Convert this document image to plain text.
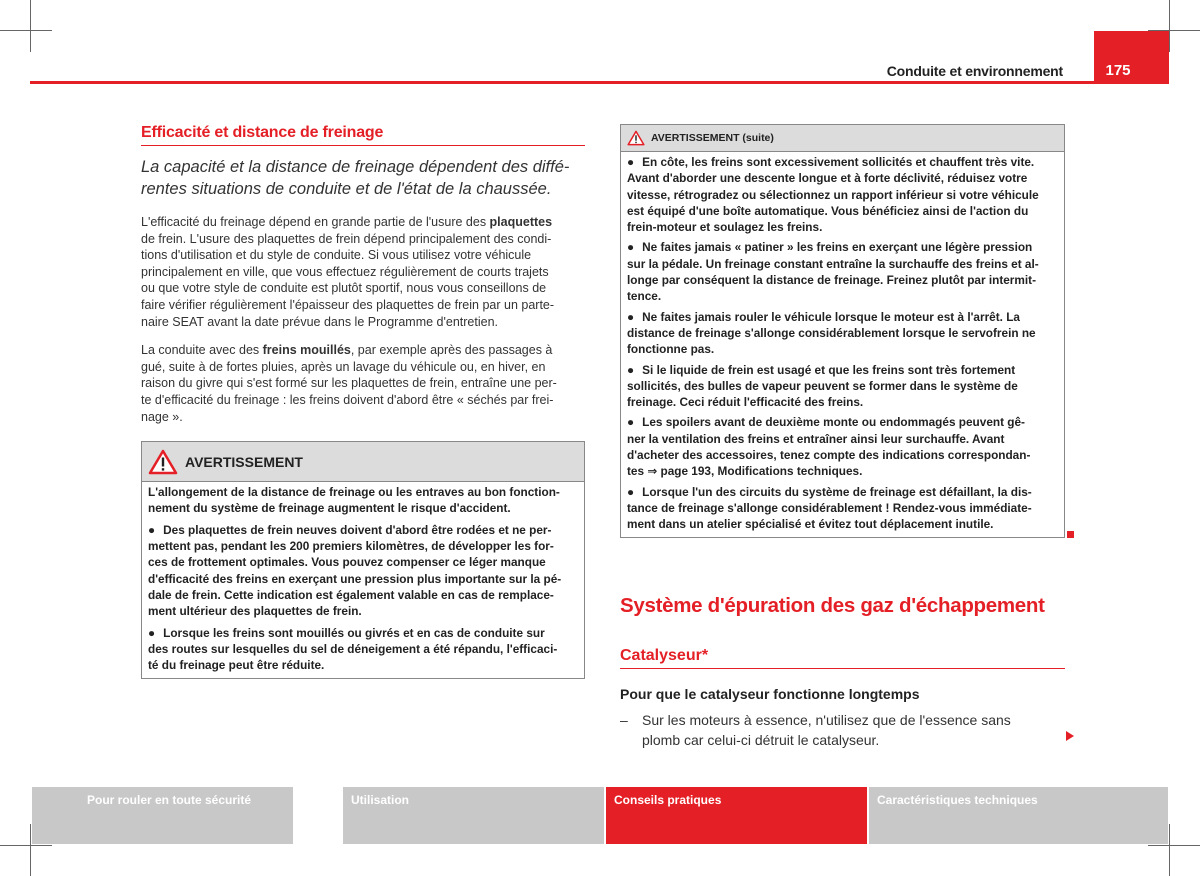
175
Conduite et environnement
Efficacité et distance de freinage
La capacité et la distance de freinage dépendent des diffé-
rentes situations de conduite et de l'état de la chaussée.
L'efficacité du freinage dépend en grande partie de l'usure des plaquettes
de frein. L'usure des plaquettes de frein dépend principalement des condi-
tions d'utilisation et du style de conduite. Si vous utilisez votre véhicule
principalement en ville, que vous effectuez régulièrement de courts trajets
ou que votre style de conduite est plutôt sportif, nous vous conseillons de
faire vérifier régulièrement l'épaisseur des plaquettes de frein par un parte-
naire SEAT avant la date prévue dans le Programme d'entretien.
La conduite avec des freins mouillés, par exemple après des passages à
gué, suite à de fortes pluies, après un lavage du véhicule ou, en hiver, en
raison du givre qui s'est formé sur les plaquettes de frein, entraîne une per-
te d'efficacité du freinage : les freins doivent d'abord être « séchés par frei-
nage ».
AVERTISSEMENT

L'allongement de la distance de freinage ou les entraves au bon fonction-
nement du système de freinage augmentent le risque d'accident.

● Des plaquettes de frein neuves doivent d'abord être rodées et ne per-
mettent pas, pendant les 200 premiers kilomètres, de développer les for-
ces de frottement optimales. Vous pouvez compenser ce léger manque
d'efficacité des freins en exerçant une pression plus importante sur la pé-
dale de frein. Cette indication est également valable en cas de remplace-
ment ultérieur des plaquettes de frein.

● Lorsque les freins sont mouillés ou givrés et en cas de conduite sur
des routes sur lesquelles du sel de déneigement a été répandu, l'efficaci-
té du freinage peut être réduite.

AVERTISSEMENT (suite)

● En côte, les freins sont excessivement sollicités et chauffent très vite.
Avant d'aborder une descente longue et à forte déclivité, réduisez votre
vitesse, rétrogradez ou sélectionnez un rapport inférieur si votre véhicule
est équipé d'une boîte automatique. Vous bénéficiez ainsi de l'action du
frein-moteur et soulagez les freins.

● Ne faites jamais « patiner » les freins en exerçant une légère pression
sur la pédale. Un freinage constant entraîne la surchauffe des freins et al-
longe par conséquent la distance de freinage. Freinez plutôt par intermit-
tence.

● Ne faites jamais rouler le véhicule lorsque le moteur est à l'arrêt. La
distance de freinage s'allonge considérablement lorsque le servofrein ne
fonctionne pas.

● Si le liquide de frein est usagé et que les freins sont très fortement
sollicités, des bulles de vapeur peuvent se former dans le système de
freinage. Ceci réduit l'efficacité des freins.

● Les spoilers avant de deuxième monte ou endommagés peuvent gê-
ner la ventilation des freins et entraîner ainsi leur surchauffe. Avant
d'acheter des accessoires, tenez compte des indications correspondan-
tes ⇒ page 193, Modifications techniques.

● Lorsque l'un des circuits du système de freinage est défaillant, la dis-
tance de freinage s'allonge considérablement ! Rendez-vous immédiate-
ment dans un atelier spécialisé et évitez tout déplacement inutile.

Système d'épuration des gaz d'échappement
Catalyseur*
Pour que le catalyseur fonctionne longtemps
–	Sur les moteurs à essence, n'utilisez que de l'essence sans
plomb car celui-ci détruit le catalyseur.
Pour rouler en toute sécurité	Utilisation	Conseils pratiques	Caractéristiques techniques
